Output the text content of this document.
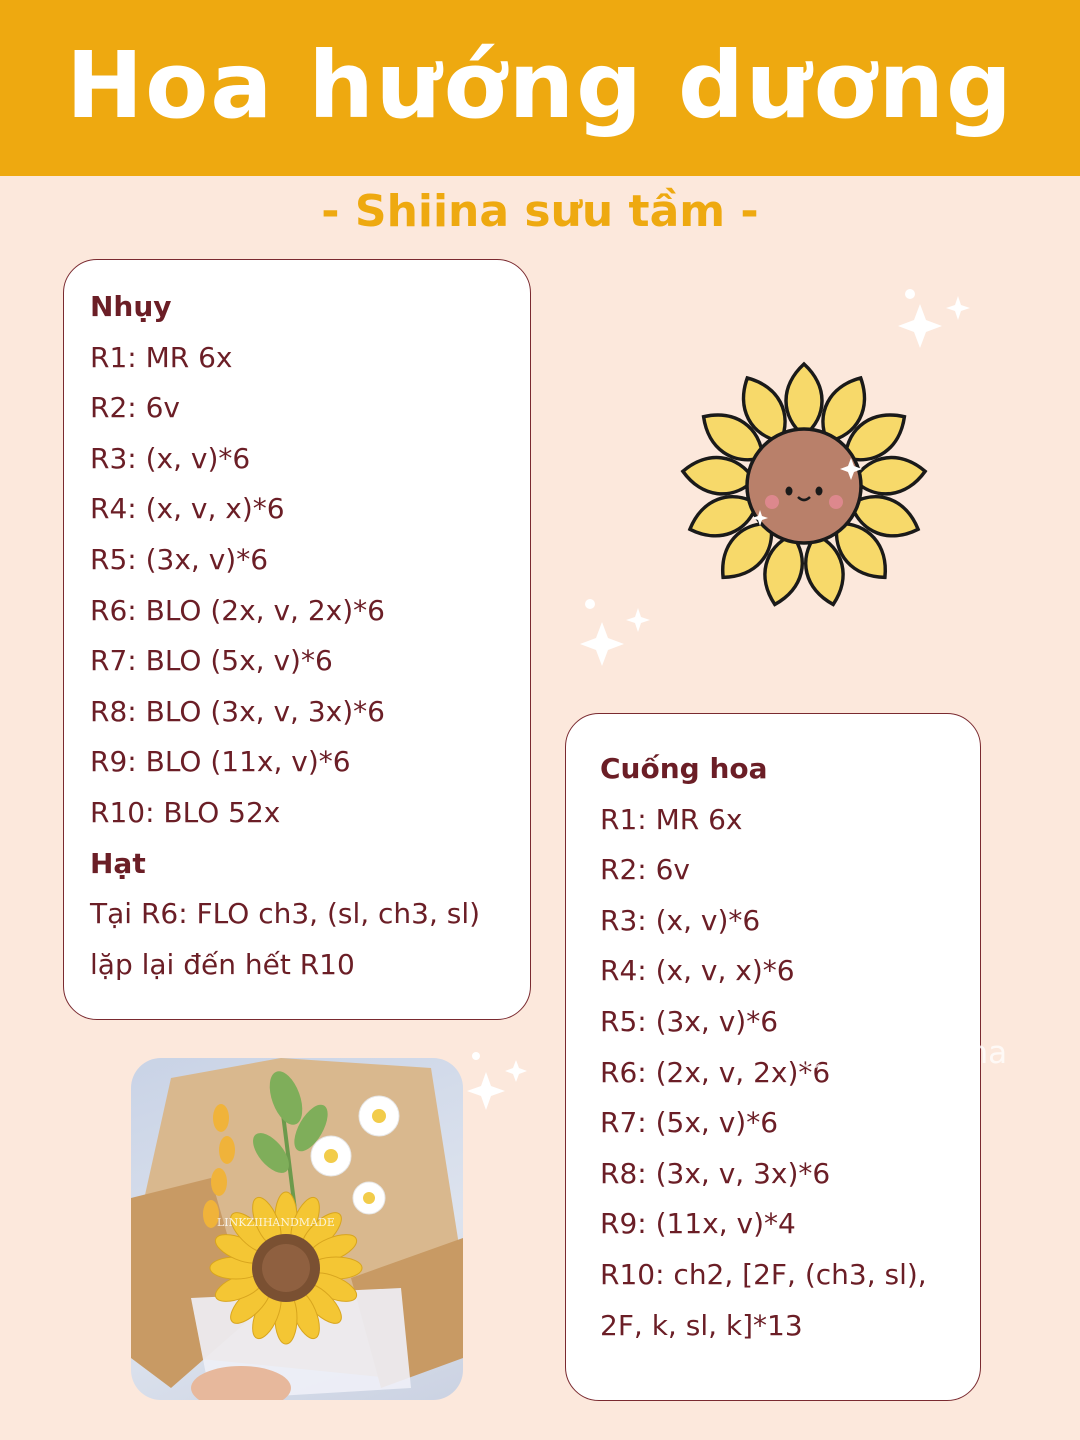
Hoa hướng dương
- Shiina sưu tầm -
Nhụy
R1: MR 6x
R2: 6v
R3: (x, v)*6
R4: (x, v, x)*6
R5: (3x, v)*6
R6: BLO (2x, v, 2x)*6
R7: BLO (5x, v)*6
R8: BLO (3x, v, 3x)*6
R9: BLO (11x, v)*6
R10: BLO 52x
Hạt
Tại R6: FLO ch3, (sl, ch3, sl)
lặp lại đến hết R10
Cuống hoa
R1: MR 6x
R2: 6v
R3: (x, v)*6
R4: (x, v, x)*6
R5: (3x, v)*6
R6: (2x, v, 2x)*6
R7: (5x, v)*6
R8: (3x, v, 3x)*6
R9: (11x, v)*4
R10: ch2, [2F, (ch3, sl),
2F, k, sl, k]*13
LINKZIIHANDMADE
@phng.shiina
